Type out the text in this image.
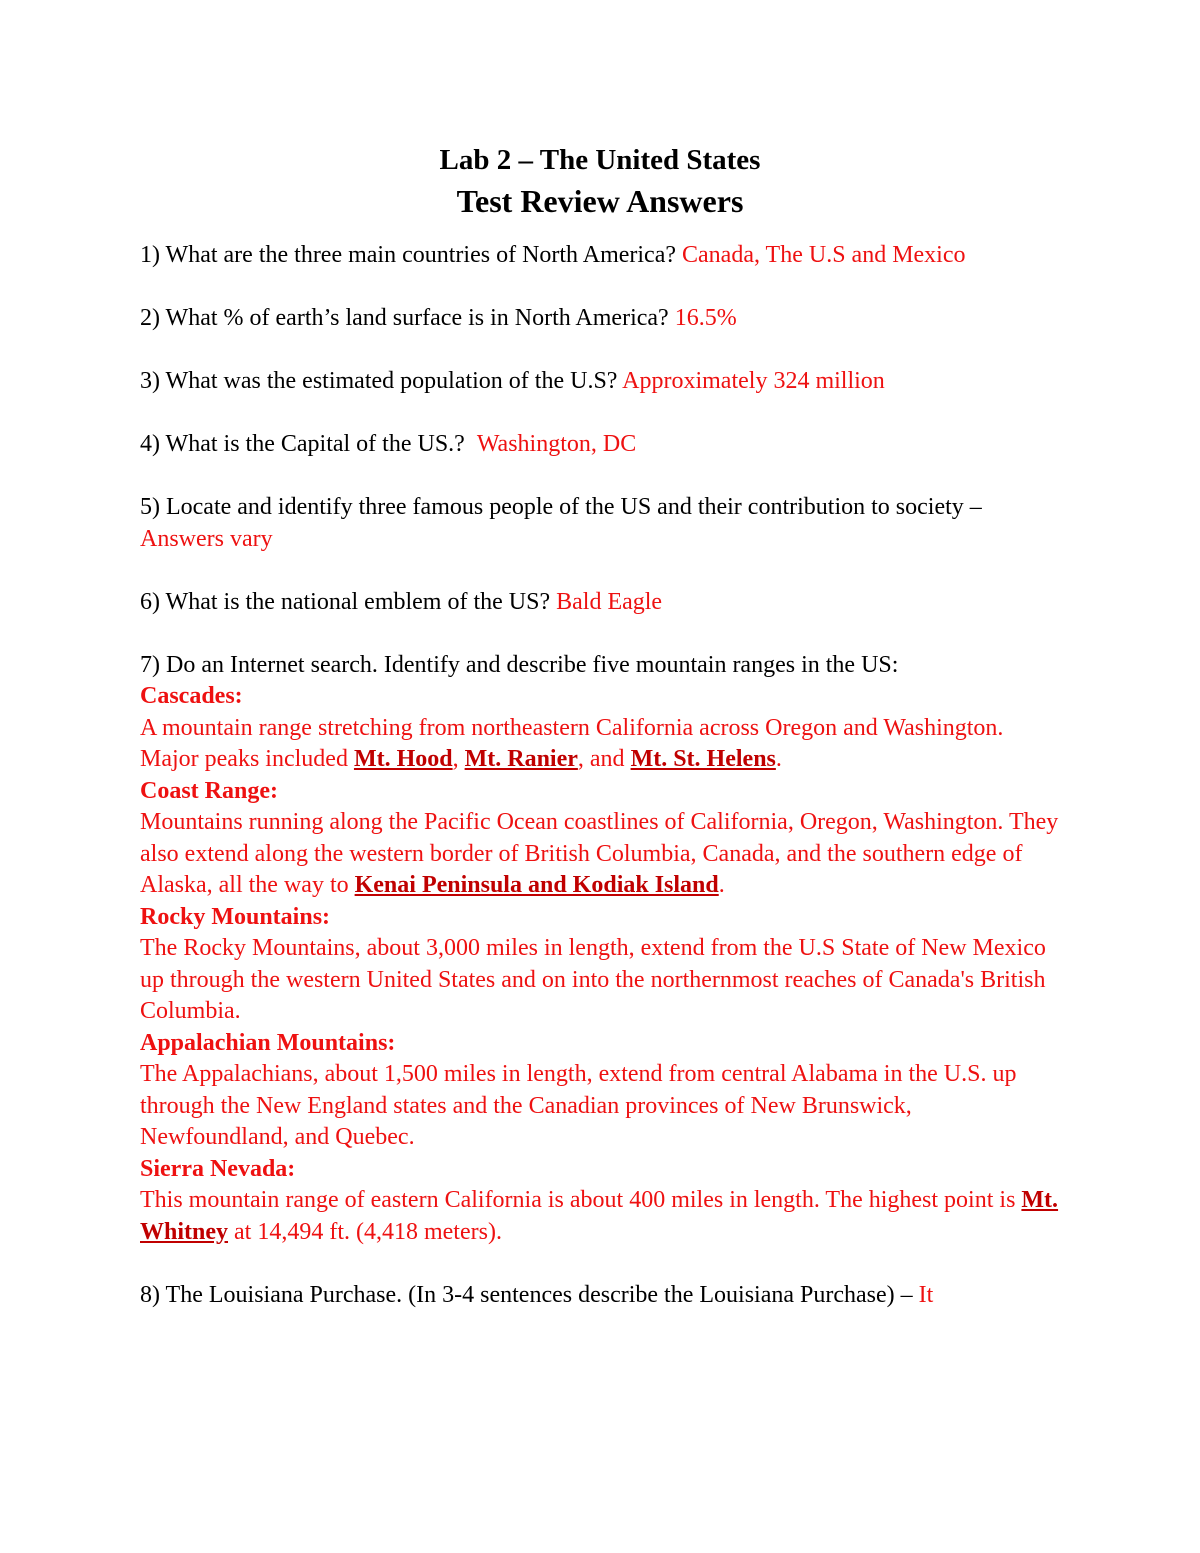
Lab 2 – The United States
Test Review Answers

1) What are the three main countries of North America? Canada, The U.S and Mexico

2) What % of earth’s land surface is in North America? 16.5%

3) What was the estimated population of the U.S? Approximately 324 million

4) What is the Capital of the US.? Washington, DC

5) Locate and identify three famous people of the US and their contribution to society – Answers vary

6) What is the national emblem of the US? Bald Eagle

7) Do an Internet search. Identify and describe five mountain ranges in the US:
Cascades:
A mountain range stretching from northeastern California across Oregon and Washington. Major peaks included Mt. Hood, Mt. Ranier, and Mt. St. Helens.
Coast Range:
Mountains running along the Pacific Ocean coastlines of California, Oregon, Washington. They also extend along the western border of British Columbia, Canada, and the southern edge of Alaska, all the way to Kenai Peninsula and Kodiak Island.
Rocky Mountains:
The Rocky Mountains, about 3,000 miles in length, extend from the U.S State of New Mexico up through the western United States and on into the northernmost reaches of Canada's British Columbia.
Appalachian Mountains:
The Appalachians, about 1,500 miles in length, extend from central Alabama in the U.S. up through the New England states and the Canadian provinces of New Brunswick, Newfoundland, and Quebec.
Sierra Nevada:
This mountain range of eastern California is about 400 miles in length. The highest point is Mt. Whitney at 14,494 ft. (4,418 meters).

8) The Louisiana Purchase. (In 3-4 sentences describe the Louisiana Purchase) – It
